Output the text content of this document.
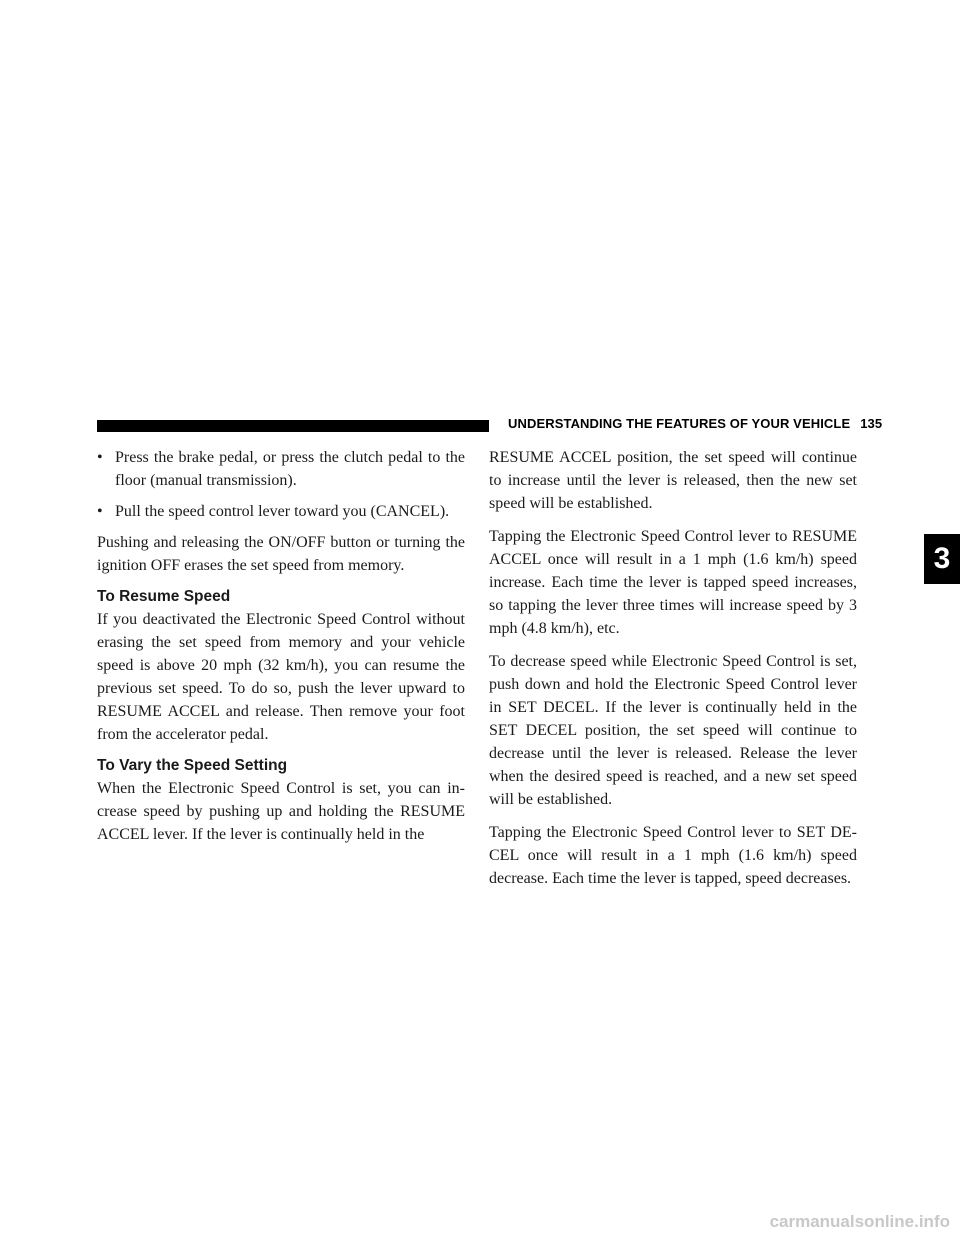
UNDERSTANDING THE FEATURES OF YOUR VEHICLE 135
3
• Press the brake pedal, or press the clutch pedal to the floor (manual transmission).
• Pull the speed control lever toward you (CANCEL).

Pushing and releasing the ON/OFF button or turning the ignition OFF erases the set speed from memory.

To Resume Speed

If you deactivated the Electronic Speed Control without erasing the set speed from memory and your vehicle speed is above 20 mph (32 km/h), you can resume the previous set speed. To do so, push the lever upward to RESUME ACCEL and release. Then remove your foot from the accelerator pedal.

To Vary the Speed Setting

When the Electronic Speed Control is set, you can in-crease speed by pushing up and holding the RESUME ACCEL lever. If the lever is continually held in the

RESUME ACCEL position, the set speed will continue to increase until the lever is released, then the new set speed will be established.

Tapping the Electronic Speed Control lever to RESUME ACCEL once will result in a 1 mph (1.6 km/h) speed increase. Each time the lever is tapped speed increases, so tapping the lever three times will increase speed by 3 mph (4.8 km/h), etc.

To decrease speed while Electronic Speed Control is set, push down and hold the Electronic Speed Control lever in SET DECEL. If the lever is continually held in the SET DECEL position, the set speed will continue to decrease until the lever is released. Release the lever when the desired speed is reached, and a new set speed will be established.

Tapping the Electronic Speed Control lever to SET DE-CEL once will result in a 1 mph (1.6 km/h) speed decrease. Each time the lever is tapped, speed decreases.

carmanualsonline.info
